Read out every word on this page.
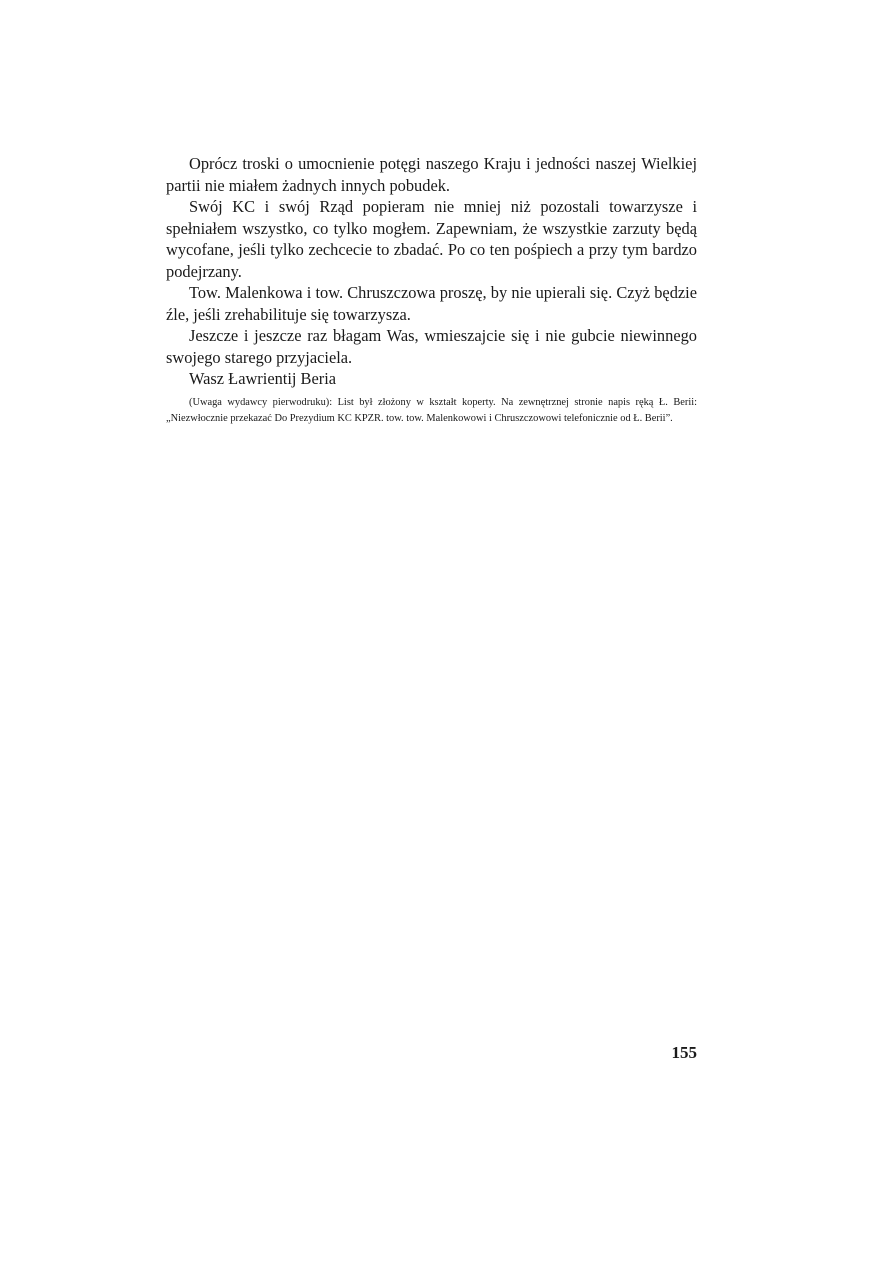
Oprócz troski o umocnienie potęgi naszego Kraju i jedności naszej Wielkiej partii nie miałem żadnych innych pobudek.

Swój KC i swój Rząd popieram nie mniej niż pozostali towarzysze i spełniałem wszystko, co tylko mogłem. Zapewniam, że wszystkie zarzuty będą wycofane, jeśli tylko zechcecie to zbadać. Po co ten pośpiech a przy tym bardzo podejrzany.

Tow. Malenkowa i tow. Chruszczowa proszę, by nie upierali się. Czyż będzie źle, jeśli zrehabilituje się towarzysza.

Jeszcze i jeszcze raz błagam Was, wmieszajcie się i nie gubcie niewinnego swojego starego przyjaciela.

Wasz Ławrientij Beria

(Uwaga wydawcy pierwodruku): List był złożony w kształt koperty. Na zewnętrznej stronie napis ręką Ł. Berii: „Niezwłocznie przekazać Do Prezydium KC KPZR. tow. tow. Malenkowowi i Chruszczowowi telefonicznie od Ł. Berii”.

155
